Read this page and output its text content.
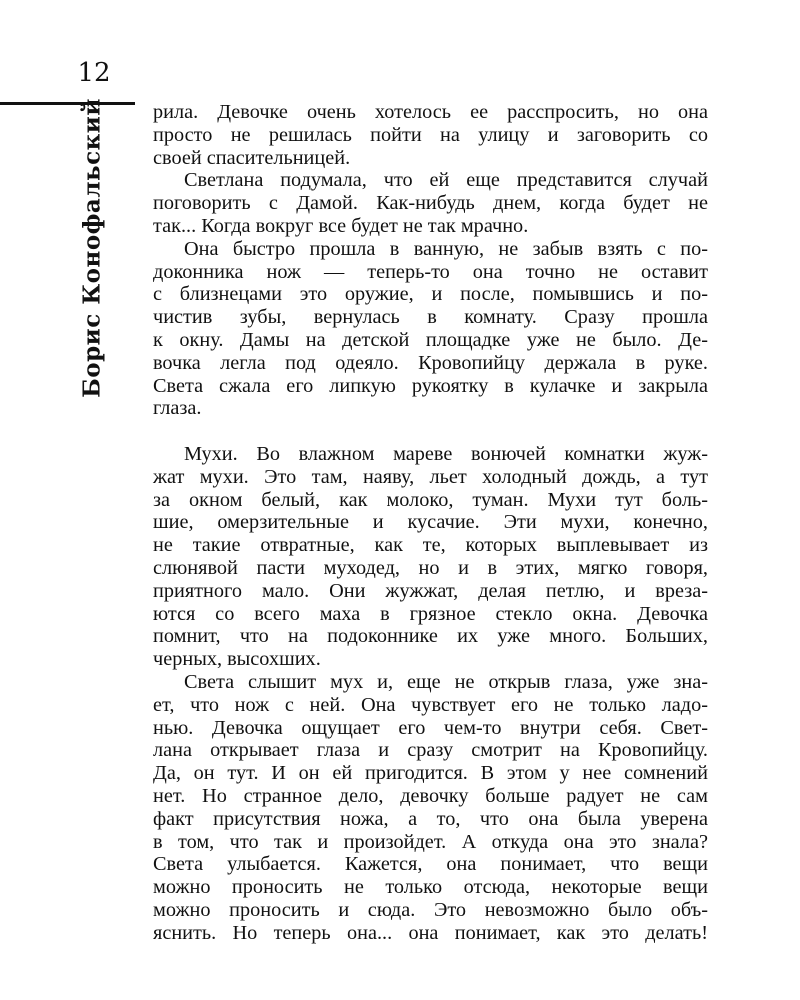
12
Борис Конофальский рила. Девочке очень хотелось ее расспросить, но она

просто не решилась пойти на улицу и заговорить со

своей спасительницей.

Светлана подумала, что ей еще представится случай

поговорить с Дамой. Как-нибудь днем, когда будет не

так... Когда вокруг все будет не так мрачно.

Она быстро прошла в ванную, не забыв взять с по-

доконника нож — теперь-то она точно не оставит

с близнецами это оружие, и после, помывшись и по-

чистив зубы, вернулась в комнату. Сразу прошла

к окну. Дамы на детской площадке уже не было. Де-

вочка легла под одеяло. Кровопийцу держала в руке.

Света сжала его липкую рукоятку в кулачке и закрыла

глаза.

Мухи. Во влажном мареве вонючей комнатки жуж-

жат мухи. Это там, наяву, льет холодный дождь, а тут

за окном белый, как молоко, туман. Мухи тут боль-

шие, омерзительные и кусачие. Эти мухи, конечно,

не такие отвратные, как те, которых выплевывает из

слюнявой пасти муходед, но и в этих, мягко говоря,

приятного мало. Они жужжат, делая петлю, и вреза-

ются со всего маха в грязное стекло окна. Девочка

помнит, что на подоконнике их уже много. Больших,

черных, высохших.

Света слышит мух и, еще не открыв глаза, уже зна-

ет, что нож с ней. Она чувствует его не только ладо-

нью. Девочка ощущает его чем-то внутри себя. Свет-

лана открывает глаза и сразу смотрит на Кровопийцу.

Да, он тут. И он ей пригодится. В этом у нее сомнений

нет. Но странное дело, девочку больше радует не сам

факт присутствия ножа, а то, что она была уверена

в том, что так и произойдет. А откуда она это знала?

Света улыбается. Кажется, она понимает, что вещи

можно проносить не только отсюда, некоторые вещи

можно проносить и сюда. Это невозможно было объ-

яснить. Но теперь она... она понимает, как это делать!
